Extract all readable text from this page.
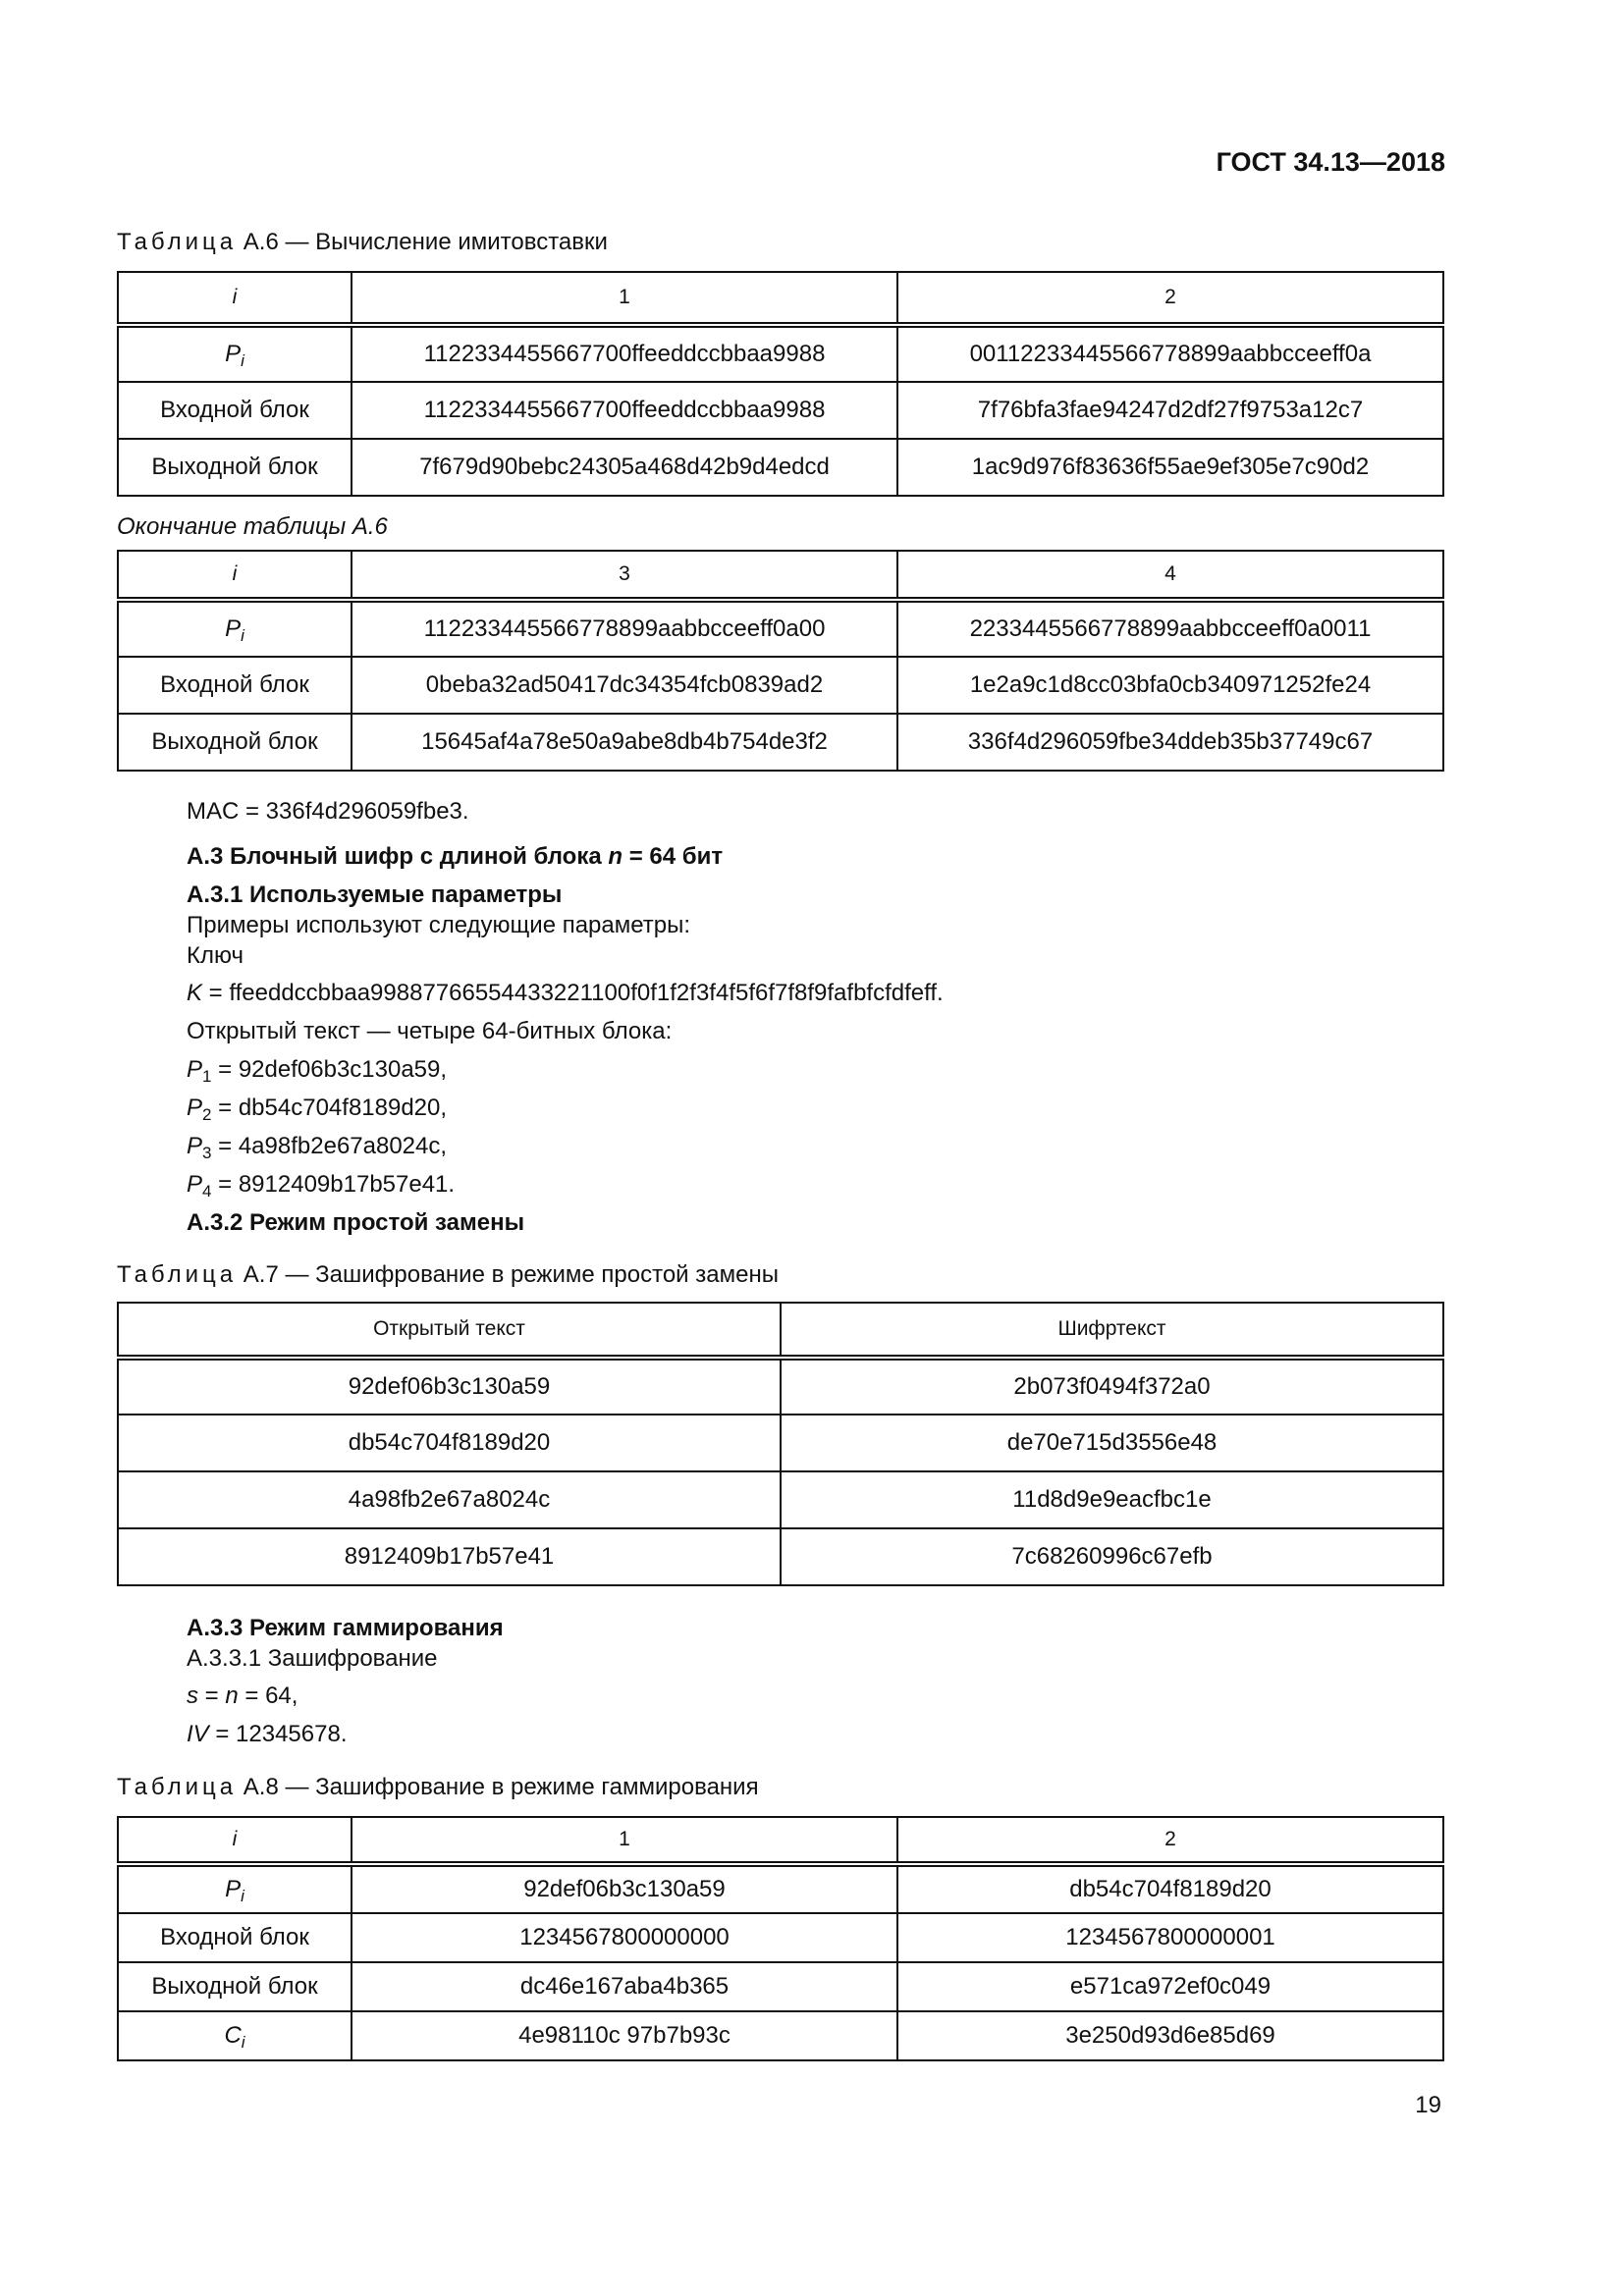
ГОСТ 34.13—2018
Таблица A.6 — Вычисление имитовставки
i	1	2
$P_i$	1122334455667700ffeeddccbbaa9988	00112233445566778899aabbcceeff0a
Входной блок	1122334455667700ffeeddccbbaa9988	7f76bfa3fae94247d2df27f9753a12c7
Выходной блок	7f679d90bebc24305a468d42b9d4edcd	1ac9d976f83636f55ae9ef305e7c90d2
Окончание таблицы A.6
i	3	4
$P_i$	112233445566778899aabbcceeff0a00	2233445566778899aabbcceeff0a0011
Входной блок	0beba32ad50417dc34354fcb0839ad2	1e2a9c1d8cc03bfa0cb340971252fe24
Выходной блок	15645af4a78e50a9abe8db4b754de3f2	336f4d296059fbe34ddeb35b37749c67
MAC = 336f4d296059fbe3.
А.3 Блочный шифр с длиной блока n = 64 бит
А.3.1 Используемые параметры
Примеры используют следующие параметры:
Ключ
K = ffeeddccbbaa99887766554433221100f0f1f2f3f4f5f6f7f8f9fafbfcfdfeff.
Открытый текст — четыре 64-битных блока:
$P_1 = 92def06b3c130a59$,
$P_2 = db54c704f8189d20$,
$P_3 = 4a98fb2e67a8024c$,
$P_4 = 8912409b17b57e41$.
А.3.2 Режим простой замены
Таблица A.7 — Зашифрование в режиме простой замены
Открытый текст	Шифртекст
92def06b3c130a59	2b073f0494f372a0
db54c704f8189d20	de70e715d3556e48
4a98fb2e67a8024c	11d8d9e9eacfbc1e
8912409b17b57e41	7c68260996c67efb
А.3.3 Режим гаммирования
А.3.3.1 Зашифрование
s = n = 64,
IV = 12345678.
Таблица A.8 — Зашифрование в режиме гаммирования
i	1	2
$P_i$	92def06b3c130a59	db54c704f8189d20
Входной блок	1234567800000000	1234567800000001
Выходной блок	dc46e167aba4b365	e571ca972ef0c049
$C_i$	4e98110c 97b7b93c	3e250d93d6e85d69
19
